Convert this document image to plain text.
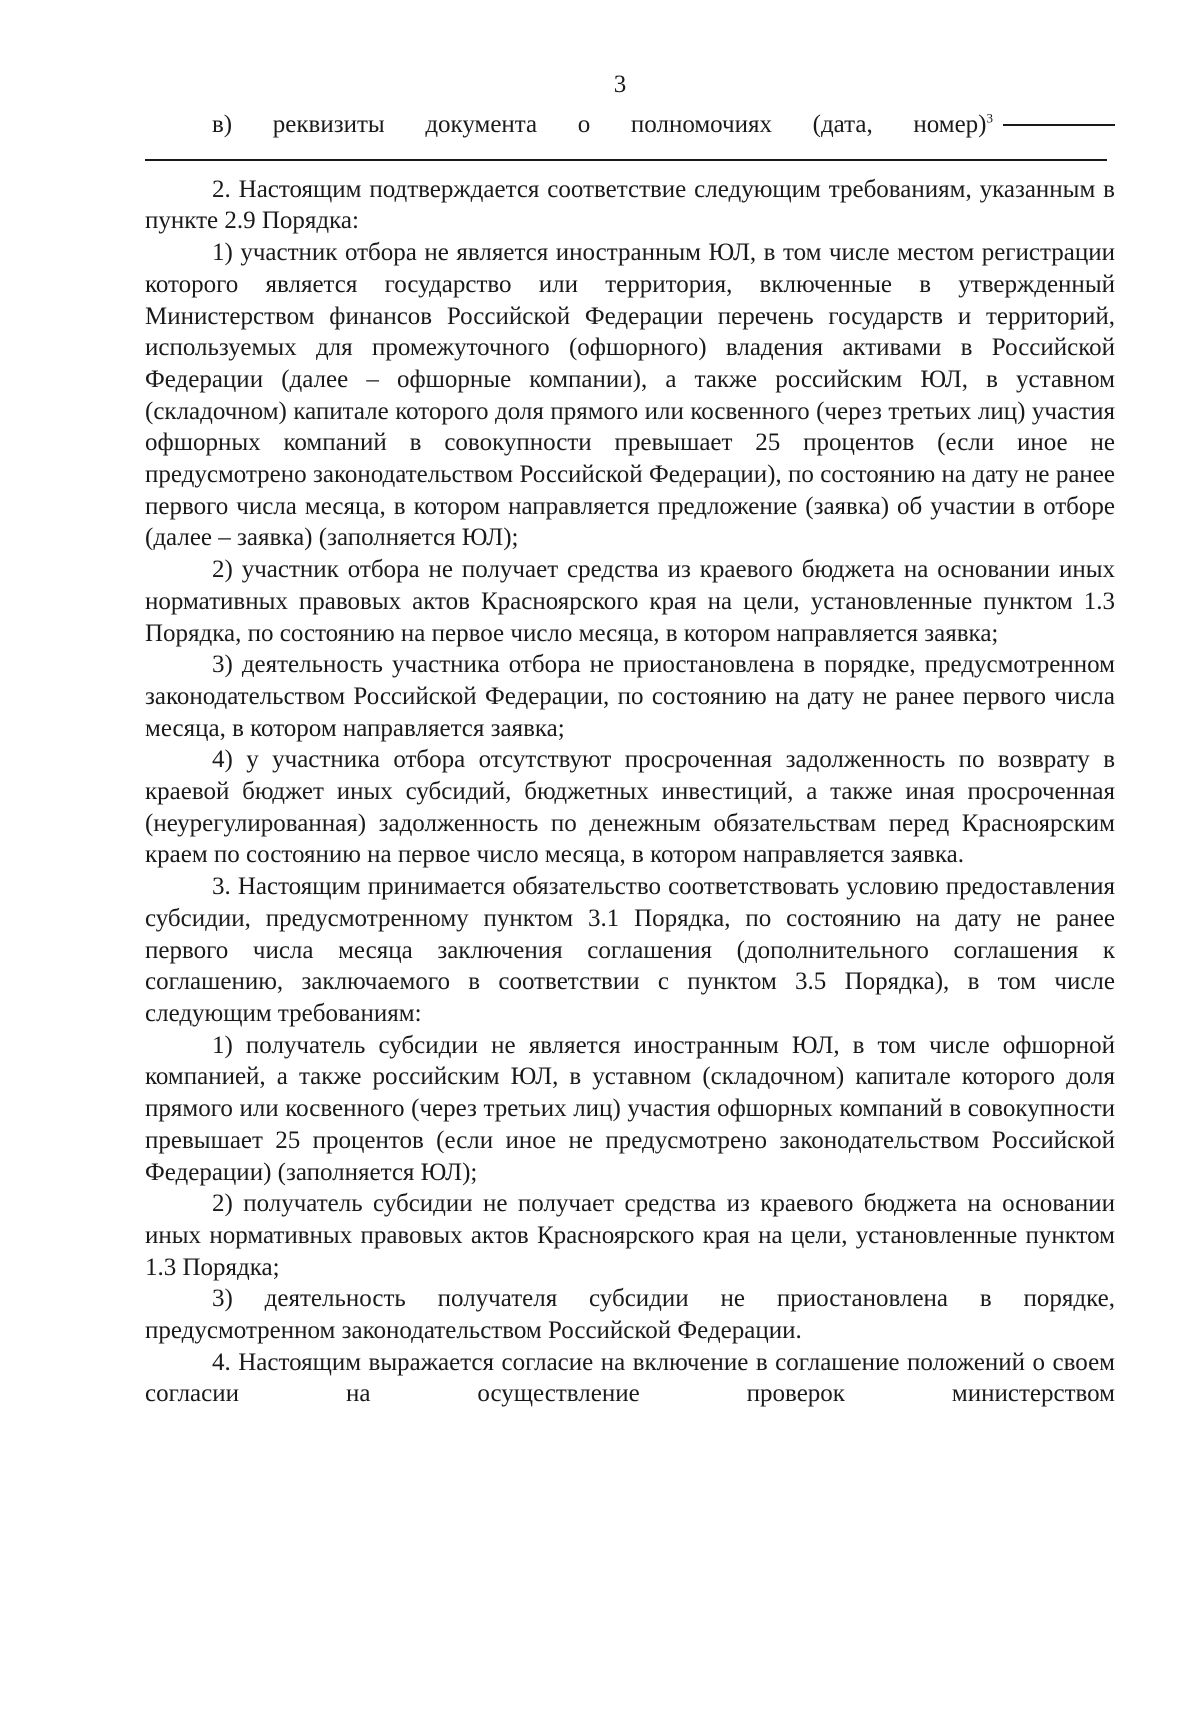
3
в) реквизиты документа о полномочиях (дата, номер)$^3$

2. Настоящим подтверждается соответствие следующим требованиям, указанным в пункте 2.9 Порядка:

1) участник отбора не является иностранным ЮЛ, в том числе местом регистрации которого является государство или территория, включенные в утвержденный Министерством финансов Российской Федерации перечень государств и территорий, используемых для промежуточного (офшорного) владения активами в Российской Федерации (далее – офшорные компании), а также российским ЮЛ, в уставном (складочном) капитале которого доля прямого или косвенного (через третьих лиц) участия офшорных компаний в совокупности превышает 25 процентов (если иное не предусмотрено законодательством Российской Федерации), по состоянию на дату не ранее первого числа месяца, в котором направляется предложение (заявка) об участии в отборе (далее – заявка) (заполняется ЮЛ);

2) участник отбора не получает средства из краевого бюджета на основании иных нормативных правовых актов Красноярского края на цели, установленные пунктом 1.3 Порядка, по состоянию на первое число месяца, в котором направляется заявка;

3) деятельность участника отбора не приостановлена в порядке, предусмотренном законодательством Российской Федерации, по состоянию на дату не ранее первого числа месяца, в котором направляется заявка;

4) у участника отбора отсутствуют просроченная задолженность по возврату в краевой бюджет иных субсидий, бюджетных инвестиций, а также иная просроченная (неурегулированная) задолженность по денежным обязательствам перед Красноярским краем по состоянию на первое число месяца, в котором направляется заявка.

3. Настоящим принимается обязательство соответствовать условию предоставления субсидии, предусмотренному пунктом 3.1 Порядка, по состоянию на дату не ранее первого числа месяца заключения соглашения (дополнительного соглашения к соглашению, заключаемого в соответствии с пунктом 3.5 Порядка), в том числе следующим требованиям:

1) получатель субсидии не является иностранным ЮЛ, в том числе офшорной компанией, а также российским ЮЛ, в уставном (складочном) капитале которого доля прямого или косвенного (через третьих лиц) участия офшорных компаний в совокупности превышает 25 процентов (если иное не предусмотрено законодательством Российской Федерации) (заполняется ЮЛ);

2) получатель субсидии не получает средства из краевого бюджета на основании иных нормативных правовых актов Красноярского края на цели, установленные пунктом 1.3 Порядка;

3) деятельность получателя субсидии не приостановлена в порядке, предусмотренном законодательством Российской Федерации.

4. Настоящим выражается согласие на включение в соглашение положений о своем согласии на осуществление проверок министерством
